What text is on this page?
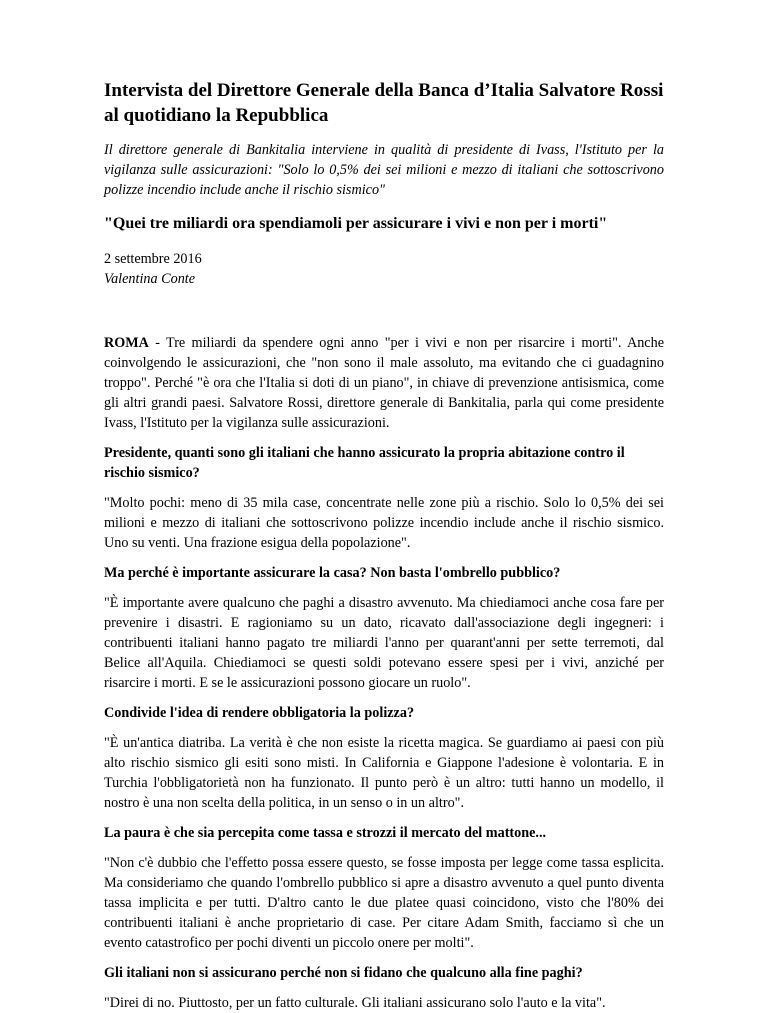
Intervista del Direttore Generale della Banca d’Italia Salvatore Rossi al quotidiano la Repubblica

Il direttore generale di Bankitalia interviene in qualità di presidente di Ivass, l'Istituto per la vigilanza sulle assicurazioni: "Solo lo 0,5% dei sei milioni e mezzo di italiani che sottoscrivono polizze incendio include anche il rischio sismico"

"Quei tre miliardi ora spendiamoli per assicurare i vivi e non per i morti"
2 settembre 2016
Valentina Conte

ROMA - Tre miliardi da spendere ogni anno "per i vivi e non per risarcire i morti". Anche coinvolgendo le assicurazioni, che "non sono il male assoluto, ma evitando che ci guadagnino troppo". Perché "è ora che l'Italia si doti di un piano", in chiave di prevenzione antisismica, come gli altri grandi paesi. Salvatore Rossi, direttore generale di Bankitalia, parla qui come presidente Ivass, l'Istituto per la vigilanza sulle assicurazioni.

Presidente, quanti sono gli italiani che hanno assicurato la propria abitazione contro il rischio sismico?

"Molto pochi: meno di 35 mila case, concentrate nelle zone più a rischio. Solo lo 0,5% dei sei milioni e mezzo di italiani che sottoscrivono polizze incendio include anche il rischio sismico. Uno su venti. Una frazione esigua della popolazione".

Ma perché è importante assicurare la casa? Non basta l'ombrello pubblico?

"È importante avere qualcuno che paghi a disastro avvenuto. Ma chiediamoci anche cosa fare per prevenire i disastri. E ragioniamo su un dato, ricavato dall'associazione degli ingegneri: i contribuenti italiani hanno pagato tre miliardi l'anno per quarant'anni per sette terremoti, dal Belice all'Aquila. Chiediamoci se questi soldi potevano essere spesi per i vivi, anziché per risarcire i morti. E se le assicurazioni possono giocare un ruolo".

Condivide l'idea di rendere obbligatoria la polizza?

"È un'antica diatriba. La verità è che non esiste la ricetta magica. Se guardiamo ai paesi con più alto rischio sismico gli esiti sono misti. In California e Giappone l'adesione è volontaria. E in Turchia l'obbligatorietà non ha funzionato. Il punto però è un altro: tutti hanno un modello, il nostro è una non scelta della politica, in un senso o in un altro".

La paura è che sia percepita come tassa e strozzi il mercato del mattone...

"Non c'è dubbio che l'effetto possa essere questo, se fosse imposta per legge come tassa esplicita. Ma consideriamo che quando l'ombrello pubblico si apre a disastro avvenuto a quel punto diventa tassa implicita e per tutti. D'altro canto le due platee quasi coincidono, visto che l'80% dei contribuenti italiani è anche proprietario di case. Per citare Adam Smith, facciamo sì che un evento catastrofico per pochi diventi un piccolo onere per molti".

Gli italiani non si assicurano perché non si fidano che qualcuno alla fine paghi?

"Direi di no. Piuttosto, per un fatto culturale. Gli italiani assicurano solo l'auto e la vita".
